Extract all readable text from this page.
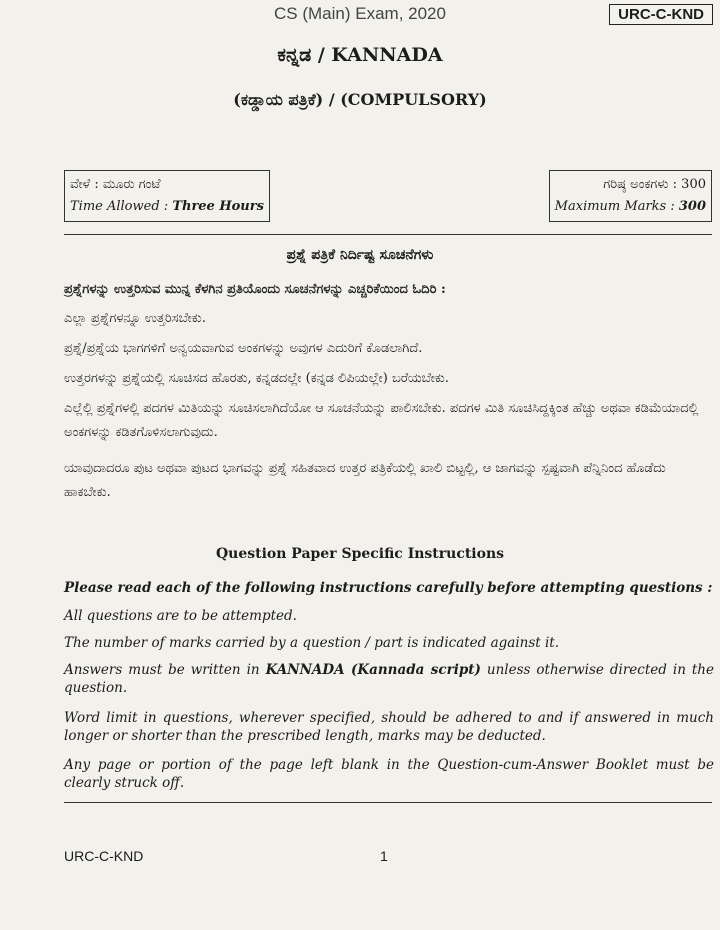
CS (Main) Exam, 2020	URC-C-KND
ಕನ್ನಡ / KANNADA
(ಕಡ್ಡಾಯ ಪತ್ರಿಕೆ) / (COMPULSORY)
ವೇಳೆ : ಮೂರು ಗಂಟೆ
Time Allowed : Three Hours
ಗರಿಷ್ಠ ಅಂಕಗಳು : 300
Maximum Marks : 300
ಪ್ರಶ್ನೆ ಪತ್ರಿಕೆ ನಿರ್ದಿಷ್ಟ ಸೂಚನೆಗಳು
ಪ್ರಶ್ನೆಗಳನ್ನು ಉತ್ತರಿಸುವ ಮುನ್ನ ಕೆಳಗಿನ ಪ್ರತಿಯೊಂದು ಸೂಚನೆಗಳನ್ನು ಎಚ್ಚರಿಕೆಯಿಂದ ಓದಿರಿ :
ಎಲ್ಲಾ ಪ್ರಶ್ನೆಗಳನ್ನೂ ಉತ್ತರಿಸಬೇಕು.
ಪ್ರಶ್ನೆ/ಪ್ರಶ್ನೆಯ ಭಾಗಗಳಿಗೆ ಅನ್ವಯವಾಗುವ ಅಂಕಗಳನ್ನು ಅವುಗಳ ಎದುರಿಗೆ ಕೊಡಲಾಗಿದೆ.
ಉತ್ತರಗಳನ್ನು ಪ್ರಶ್ನೆಯಲ್ಲಿ ಸೂಚಿಸದ ಹೊರತು, ಕನ್ನಡದಲ್ಲೇ (ಕನ್ನಡ ಲಿಪಿಯಲ್ಲೇ) ಬರೆಯಬೇಕು.
ಎಲ್ಲೆಲ್ಲಿ ಪ್ರಶ್ನೆಗಳಲ್ಲಿ ಪದಗಳ ಮಿತಿಯನ್ನು ಸೂಚಿಸಲಾಗಿದೆಯೋ ಆ ಸೂಚನೆಯನ್ನು ಪಾಲಿಸಬೇಕು. ಪದಗಳ ಮಿತಿ ಸೂಚಿಸಿದ್ದಕ್ಕಿಂತ ಹೆಚ್ಚು ಅಥವಾ ಕಡಿಮೆಯಾದಲ್ಲಿ ಅಂಕಗಳನ್ನು ಕಡಿತಗೊಳಿಸಲಾಗುವುದು.
ಯಾವುದಾದರೂ ಪುಟ ಅಥವಾ ಪುಟದ ಭಾಗವನ್ನು ಪ್ರಶ್ನೆ ಸಹಿತವಾದ ಉತ್ತರ ಪತ್ರಿಕೆಯಲ್ಲಿ ಖಾಲಿ ಬಿಟ್ಟಲ್ಲಿ, ಆ ಜಾಗವನ್ನು ಸ್ಪಷ್ಟವಾಗಿ ಪೆನ್ನಿನಿಂದ ಹೊಡೆದು ಹಾಕಬೇಕು.
Question Paper Specific Instructions
Please read each of the following instructions carefully before attempting questions :
All questions are to be attempted.
The number of marks carried by a question / part is indicated against it.
Answers must be written in KANNADA (Kannada script) unless otherwise directed in the question.
Word limit in questions, wherever specified, should be adhered to and if answered in much longer or shorter than the prescribed length, marks may be deducted.
Any page or portion of the page left blank in the Question-cum-Answer Booklet must be clearly struck off.
URC-C-KND	1
